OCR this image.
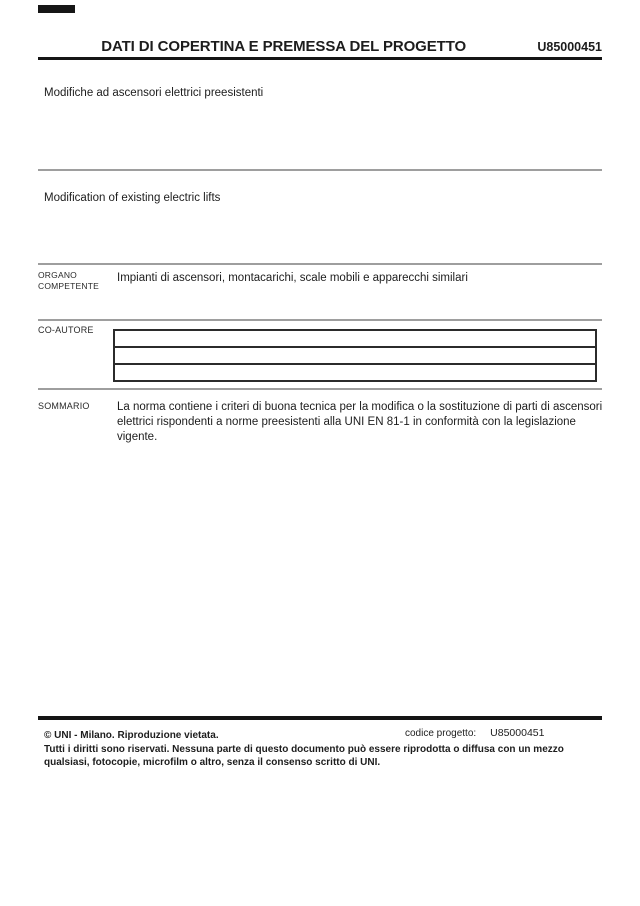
DATI DI COPERTINA E PREMESSA DEL PROGETTO	U85000451
Modifiche ad ascensori elettrici preesistenti
Modification of existing electric lifts
ORGANO COMPETENTE
Impianti di ascensori, montacarichi, scale mobili e apparecchi similari
CO-AUTORE
SOMMARIO La norma contiene i criteri di buona tecnica per la modifica o la sostituzione di parti di ascensori
elettrici rispondenti a norme preesistenti alla UNI EN 81-1 in conformità con la legislazione vigente.
codice progetto: U85000451
© UNI - Milano. Riproduzione vietata.
Tutti i diritti sono riservati. Nessuna parte di questo documento può essere riprodotta o diffusa con un mezzo
qualsiasi, fotocopie, microfilm o altro, senza il consenso scritto di UNI.
